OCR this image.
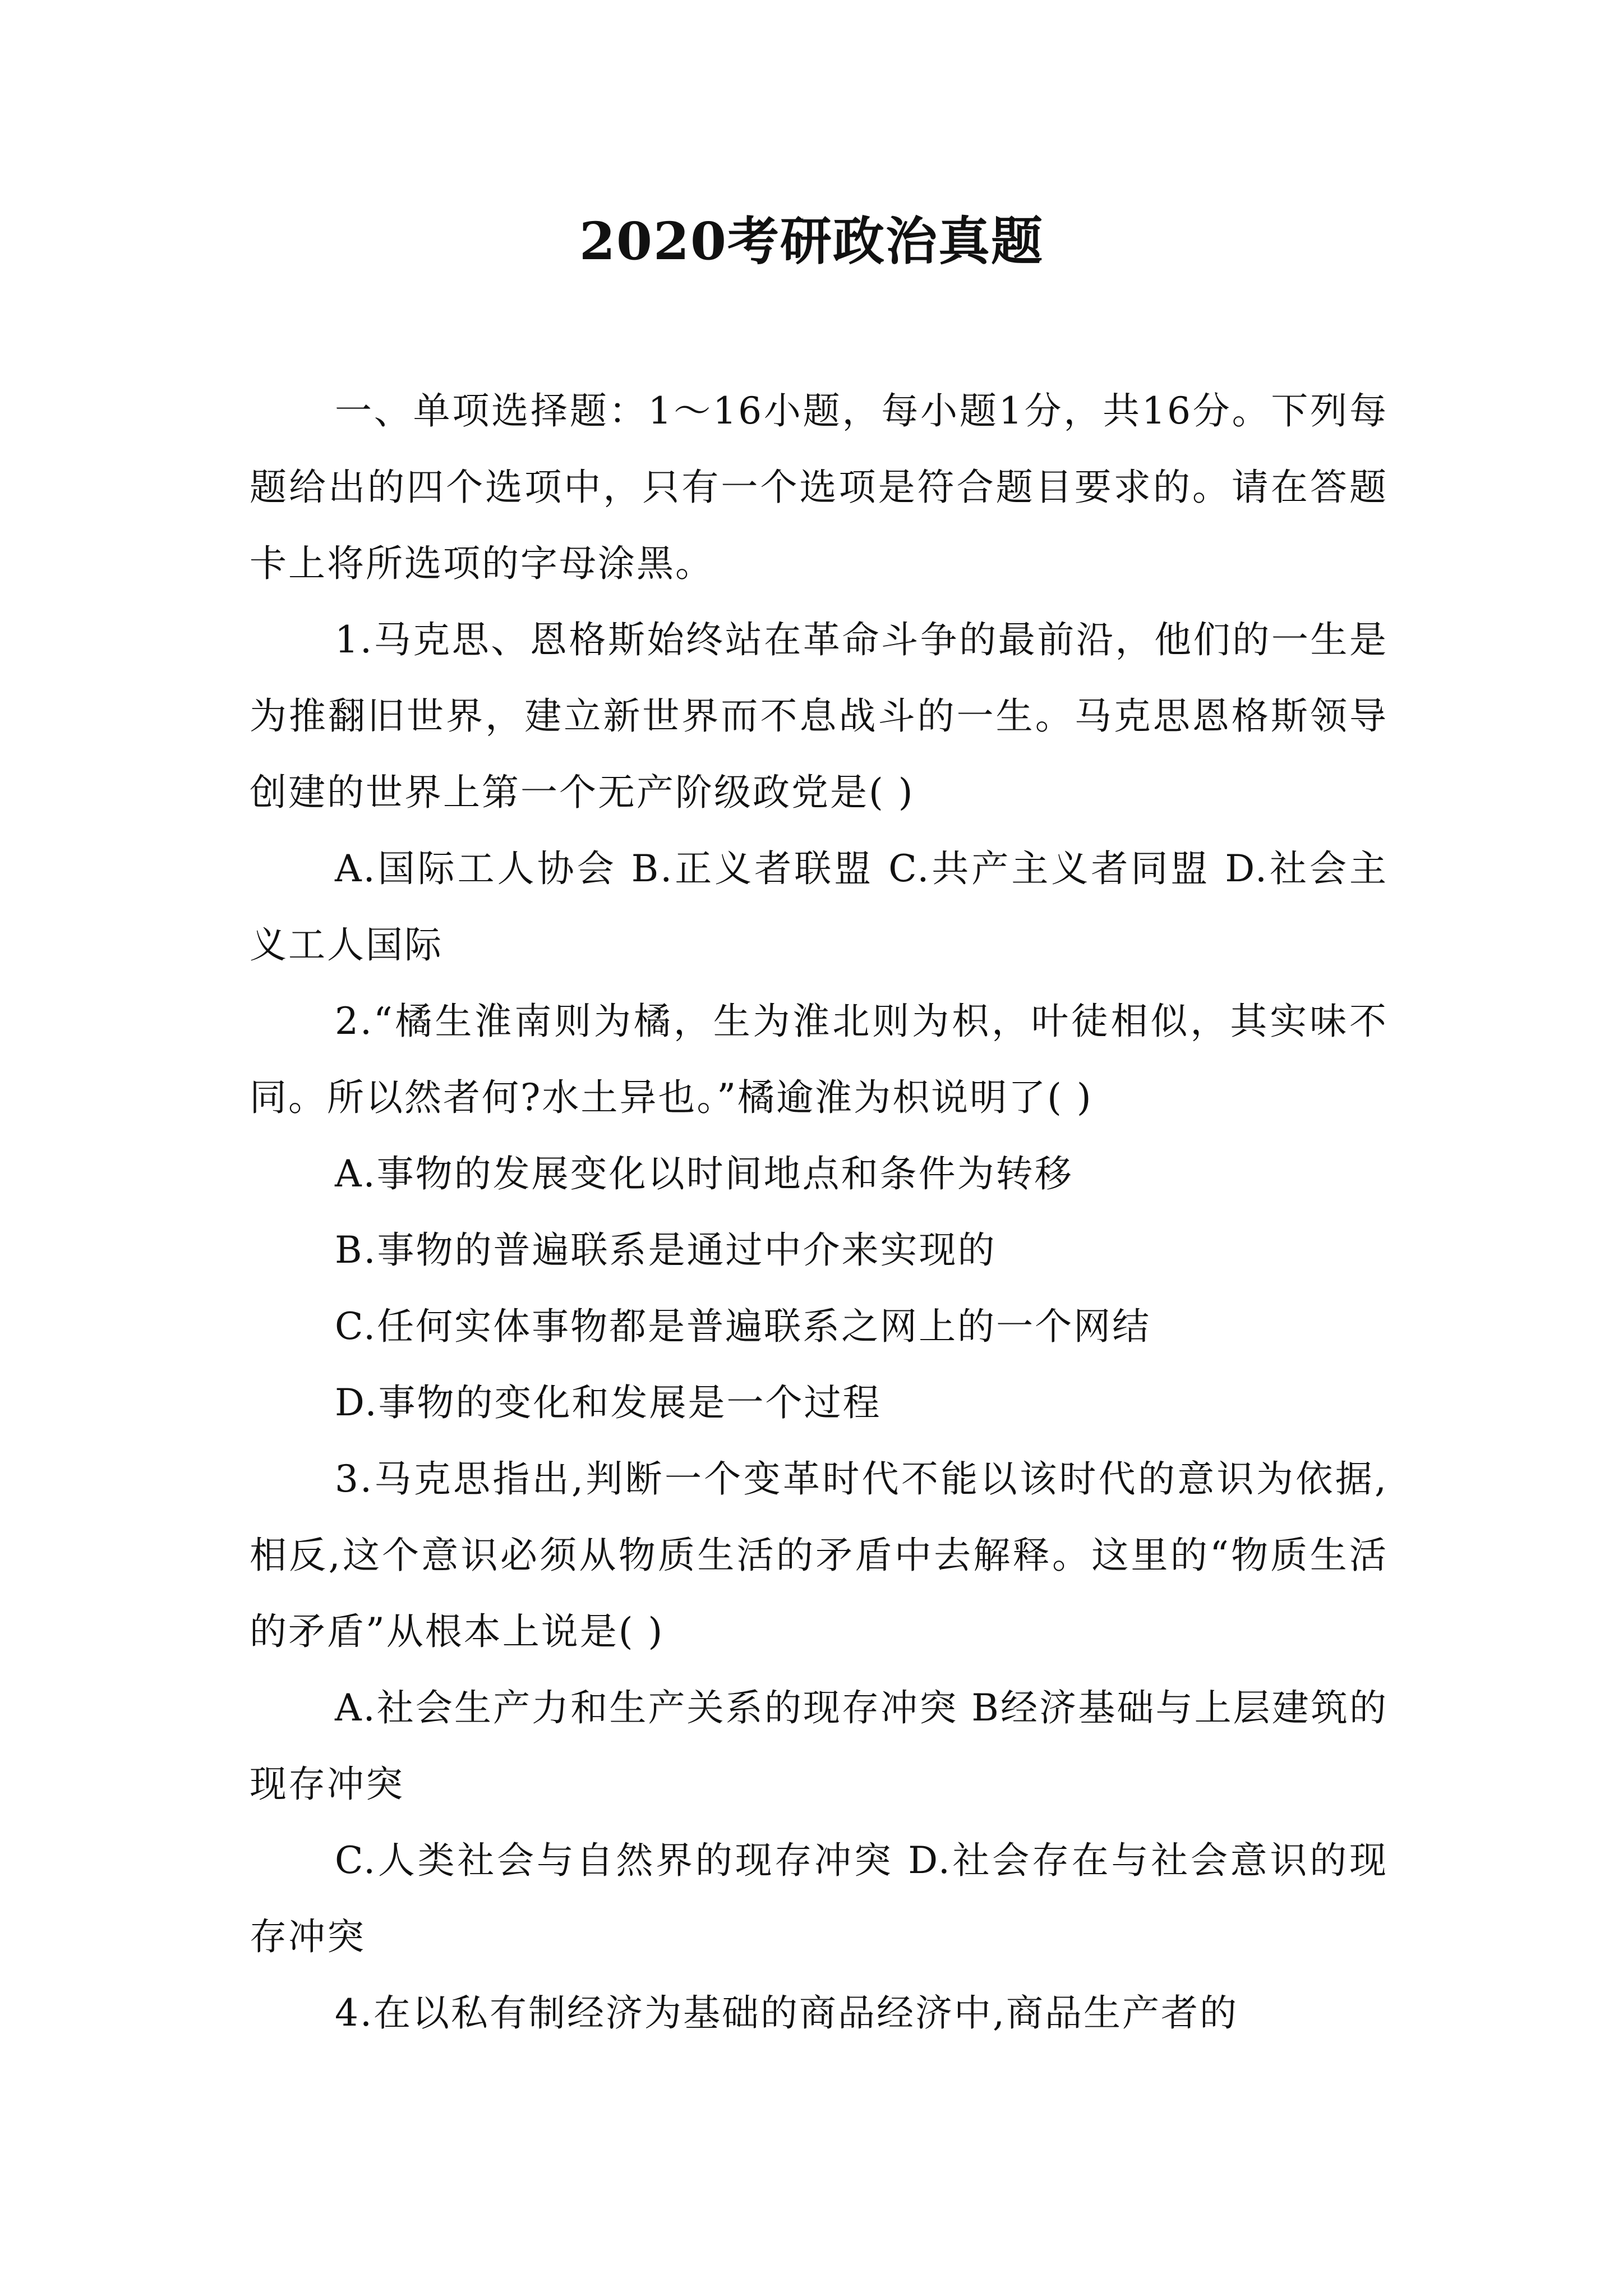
2020考研政治真题

一、单项选择题：1～16小题，每小题1分，共16分。下列每题给出的四个选项中，只有一个选项是符合题目要求的。请在答题卡上将所选项的字母涂黑。

1.马克思、恩格斯始终站在革命斗争的最前沿，他们的一生是为推翻旧世界，建立新世界而不息战斗的一生。马克思恩格斯领导创建的世界上第一个无产阶级政党是( )

A.国际工人协会 B.正义者联盟 C.共产主义者同盟 D.社会主义工人国际

2.“橘生淮南则为橘，生为淮北则为枳，叶徒相似，其实味不同。所以然者何?水土异也。”橘逾淮为枳说明了( )

A.事物的发展变化以时间地点和条件为转移

B.事物的普遍联系是通过中介来实现的

C.任何实体事物都是普遍联系之网上的一个网结

D.事物的变化和发展是一个过程

3.马克思指出,判断一个变革时代不能以该时代的意识为依据,相反,这个意识必须从物质生活的矛盾中去解释。这里的“物质生活的矛盾”从根本上说是( )

A.社会生产力和生产关系的现存冲突 B经济基础与上层建筑的现存冲突

C.人类社会与自然界的现存冲突 D.社会存在与社会意识的现存冲突

4.在以私有制经济为基础的商品经济中,商品生产者的
